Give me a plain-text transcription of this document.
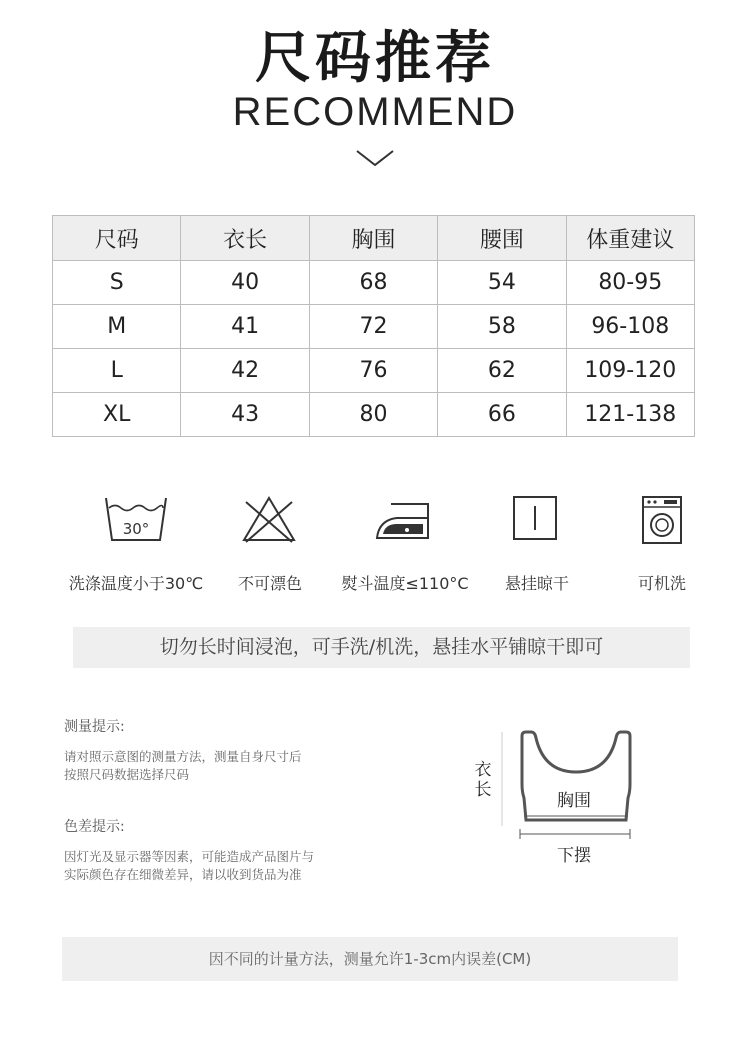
尺码推荐
RECOMMEND
尺码	衣长	胸围	腰围	体重建议
S	40	68	54	80-95
M	41	72	58	96-108
L	42	76	62	109-120
XL	43	80	66	121-138
30°
洗涤温度小于30℃	不可漂色	熨斗温度≤110°C	悬挂晾干	可机洗
切勿长时间浸泡，可手洗/机洗，悬挂水平铺晾干即可
测量提示:
请对照示意图的测量方法，测量自身尺寸后
按照尺码数据选择尺码
色差提示:
因灯光及显示器等因素，可能造成产品图片与
实际颜色存在细微差异，请以收到货品为准
衣长
胸围
下摆
因不同的计量方法，测量允许1-3cm内误差(CM)
